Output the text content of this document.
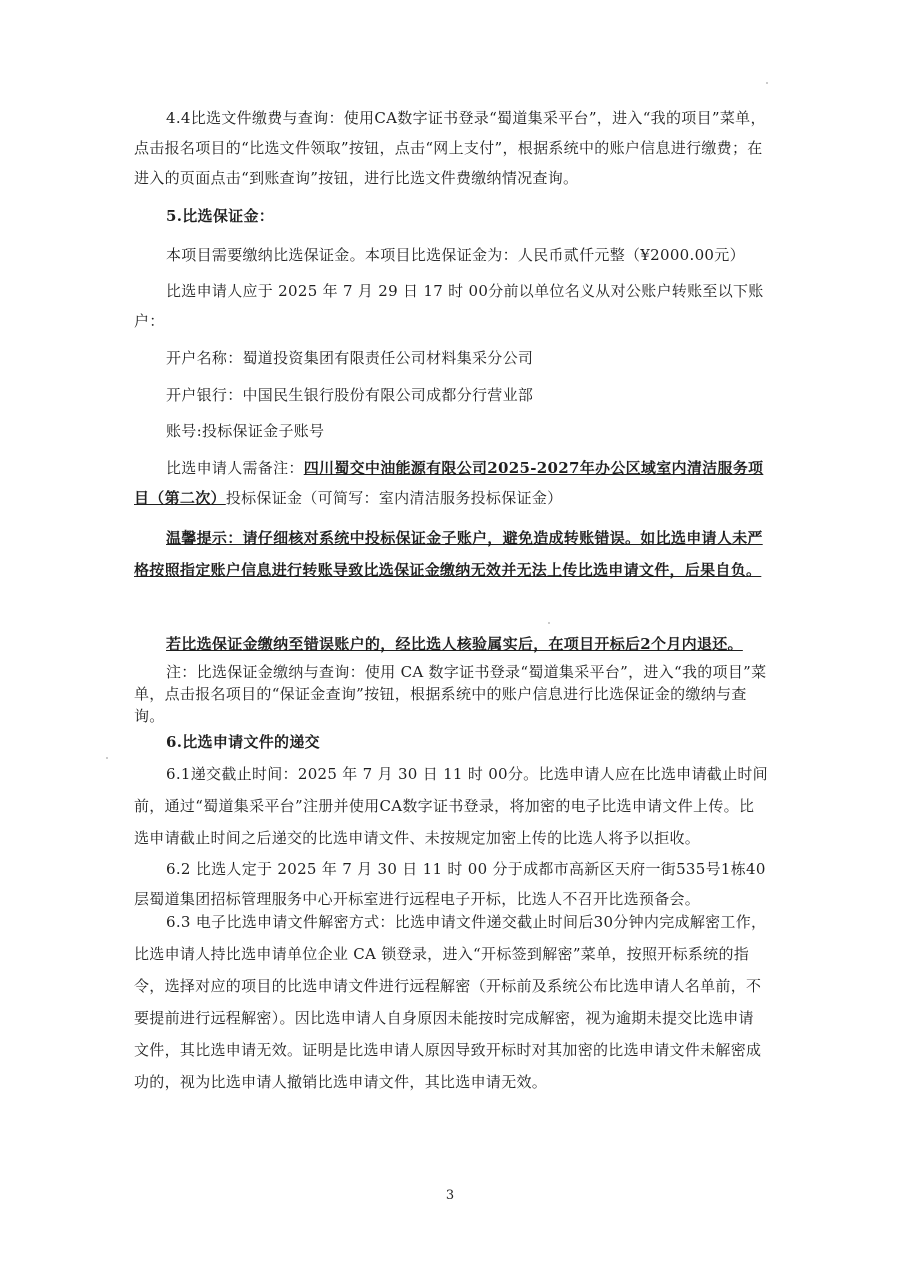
4.4比选文件缴费与查询：使用CA数字证书登录“蜀道集采平台”，进入“我的项目”菜单，点击报名项目的“比选文件领取”按钮，点击“网上支付”，根据系统中的账户信息进行缴费；在进入的页面点击“到账查询”按钮，进行比选文件费缴纳情况查询。

5.比选保证金：

本项目需要缴纳比选保证金。本项目比选保证金为：人民币贰仟元整（¥2000.00元）

比选申请人应于 2025 年 7 月 29 日 17 时 00分前以单位名义从对公账户转账至以下账户：

开户名称：蜀道投资集团有限责任公司材料集采分公司

开户银行：中国民生银行股份有限公司成都分行营业部

账号:投标保证金子账号

比选申请人需备注：四川蜀交中油能源有限公司2025-2027年办公区域室内清洁服务项目（第二次）投标保证金（可简写：室内清洁服务投标保证金）

温馨提示：请仔细核对系统中投标保证金子账户，避免造成转账错误。如比选申请人未严格按照指定账户信息进行转账导致比选保证金缴纳无效并无法上传比选申请文件，后果自负。

若比选保证金缴纳至错误账户的，经比选人核验属实后，在项目开标后2个月内退还。

注：比选保证金缴纳与查询：使用 CA 数字证书登录“蜀道集采平台”，进入“我的项目”菜单，点击报名项目的“保证金查询”按钮，根据系统中的账户信息进行比选保证金的缴纳与查询。

6.比选申请文件的递交

6.1递交截止时间：2025 年 7 月 30 日 11 时 00分。比选申请人应在比选申请截止时间前，通过“蜀道集采平台”注册并使用CA数字证书登录，将加密的电子比选申请文件上传。比选申请截止时间之后递交的比选申请文件、未按规定加密上传的比选人将予以拒收。

6.2 比选人定于 2025 年 7 月 30 日 11 时 00 分于成都市高新区天府一街535号1栋40层蜀道集团招标管理服务中心开标室进行远程电子开标，比选人不召开比选预备会。

6.3 电子比选申请文件解密方式：比选申请文件递交截止时间后30分钟内完成解密工作，比选申请人持比选申请单位企业 CA 锁登录，进入“开标签到解密”菜单，按照开标系统的指令，选择对应的项目的比选申请文件进行远程解密（开标前及系统公布比选申请人名单前，不要提前进行远程解密）。因比选申请人自身原因未能按时完成解密，视为逾期未提交比选申请文件，其比选申请无效。证明是比选申请人原因导致开标时对其加密的比选申请文件未解密成功的，视为比选申请人撤销比选申请文件，其比选申请无效。

3
